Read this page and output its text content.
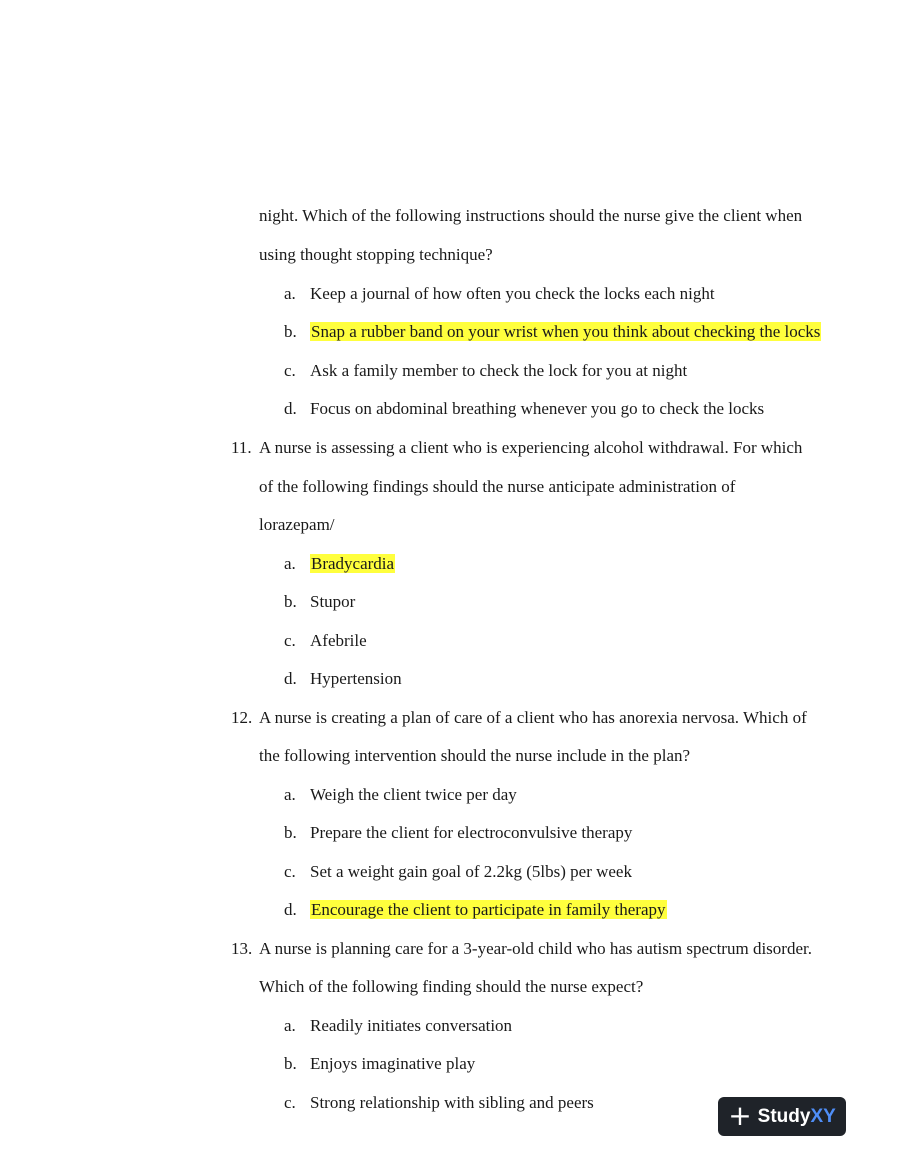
night. Which of the following instructions should the nurse give the client when
using thought stopping technique?
a. Keep a journal of how often you check the locks each night
b. Snap a rubber band on your wrist when you think about checking the locks
c. Ask a family member to check the lock for you at night
d. Focus on abdominal breathing whenever you go to check the locks
11. A nurse is assessing a client who is experiencing alcohol withdrawal. For which
of the following findings should the nurse anticipate administration of
lorazepam/
a. Bradycardia
b. Stupor
c. Afebrile
d. Hypertension
12. A nurse is creating a plan of care of a client who has anorexia nervosa. Which of
the following intervention should the nurse include in the plan?
a. Weigh the client twice per day
b. Prepare the client for electroconvulsive therapy
c. Set a weight gain goal of 2.2kg (5lbs) per week
d. Encourage the client to participate in family therapy
13. A nurse is planning care for a 3-year-old child who has autism spectrum disorder.
Which of the following finding should the nurse expect?
a. Readily initiates conversation
b. Enjoys imaginative play
c. Strong relationship with sibling and peers	+ StudyXY
